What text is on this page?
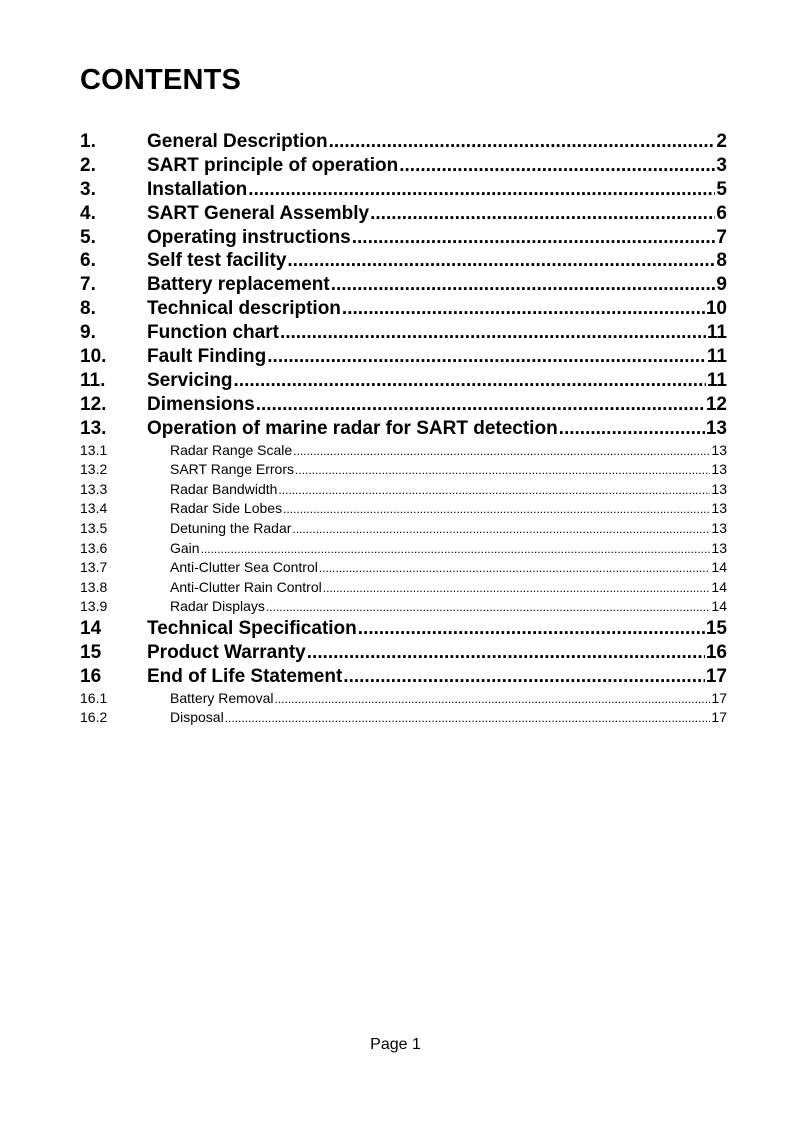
CONTENTS
1.	General Description .....	2
2.	SART principle of operation .....	3
3.	Installation .....	5
4.	SART General Assembly .....	6
5.	Operating instructions .....	7
6.	Self test facility .....	8
7.	Battery replacement .....	9
8.	Technical description .....	10
9.	Function chart .....	11
10.	Fault Finding .....	11
11.	Servicing .....	11
12.	Dimensions .....	12
13.	Operation of marine radar for SART detection .....	13
13.1	Radar Range Scale .....	13
13.2	SART Range Errors .....	13
13.3	Radar Bandwidth .....	13
13.4	Radar Side Lobes .....	13
13.5	Detuning the Radar .....	13
13.6	Gain .....	13
13.7	Anti-Clutter Sea Control .....	14
13.8	Anti-Clutter Rain Control .....	14
13.9	Radar Displays .....	14
14	Technical Specification .....	15
15	Product Warranty .....	16
16	End of Life Statement .....	17
16.1	Battery Removal .....	17
16.2	Disposal .....	17
Page 1
